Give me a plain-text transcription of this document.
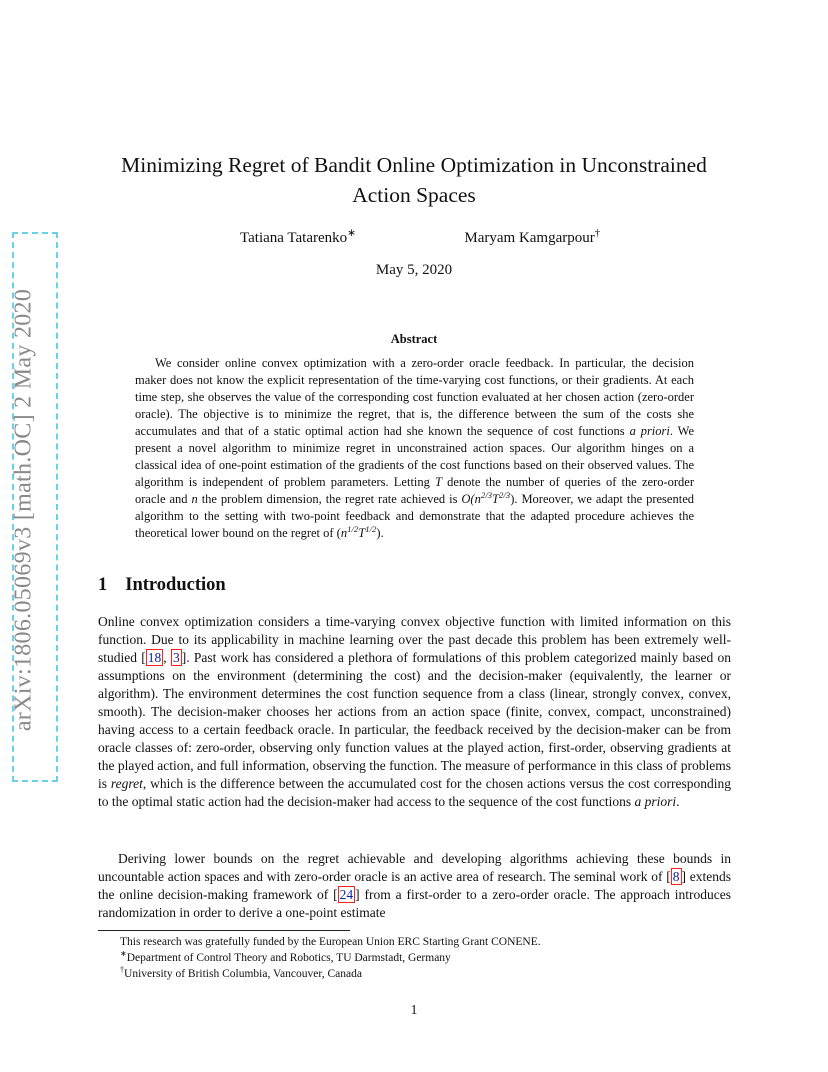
arXiv:1806.05069v3 [math.OC] 2 May 2020
Minimizing Regret of Bandit Online Optimization in Unconstrained
Action Spaces
Tatiana Tatarenko∗	Maryam Kamgarpour†
May 5, 2020
Abstract

We consider online convex optimization with a zero-order oracle feedback. In particular, the decision maker does not know the explicit representation of the time-varying cost functions, or their gradients. At each time step, she observes the value of the corresponding cost function evaluated at her chosen action (zero-order oracle). The objective is to minimize the regret, that is, the difference between the sum of the costs she accumulates and that of a static optimal action had she known the sequence of cost functions a priori. We present a novel algorithm to minimize regret in unconstrained action spaces. Our algorithm hinges on a classical idea of one-point estimation of the gradients of the cost functions based on their observed values. The algorithm is independent of problem parameters. Letting T denote the number of queries of the zero-order oracle and n the problem dimension, the regret rate achieved is $O(n^{2/3}T^{2/3})$. Moreover, we adapt the presented algorithm to the setting with two-point feedback and demonstrate that the adapted procedure achieves the theoretical lower bound on the regret of $(n^{1/2}T^{1/2})$.

1 Introduction

Online convex optimization considers a time-varying convex objective function with limited information on this function. Due to its applicability in machine learning over the past decade this problem has been extremely well-studied [ 18 , 3 ]. Past work has considered a plethora of formulations of this problem categorized mainly based on assumptions on the environment (determining the cost) and the decision-maker (equivalently, the learner or algorithm). The environment determines the cost function sequence from a class (linear, strongly convex, convex, smooth). The decision-maker chooses her actions from an action space (finite, convex, compact, unconstrained) having access to a certain feedback oracle. In particular, the feedback received by the decision-maker can be from oracle classes of: zero-order, observing only function values at the played action, first-order, observing gradients at the played action, and full information, observing the function. The measure of performance in this class of problems is regret, which is the difference between the accumulated cost for the chosen actions versus the cost corresponding to the optimal static action had the decision-maker had access to the sequence of the cost functions a priori.

Deriving lower bounds on the regret achievable and developing algorithms achieving these bounds in uncountable action spaces and with zero-order oracle is an active area of research. The seminal work of [ 8 ] extends the online decision-making framework of [ 24 ] from a first-order to a zero-order oracle. The approach introduces randomization in order to derive a one-point estimate

This research was gratefully funded by the European Union ERC Starting Grant CONENE.
∗Department of Control Theory and Robotics, TU Darmstadt, Germany
†University of British Columbia, Vancouver, Canada
1
